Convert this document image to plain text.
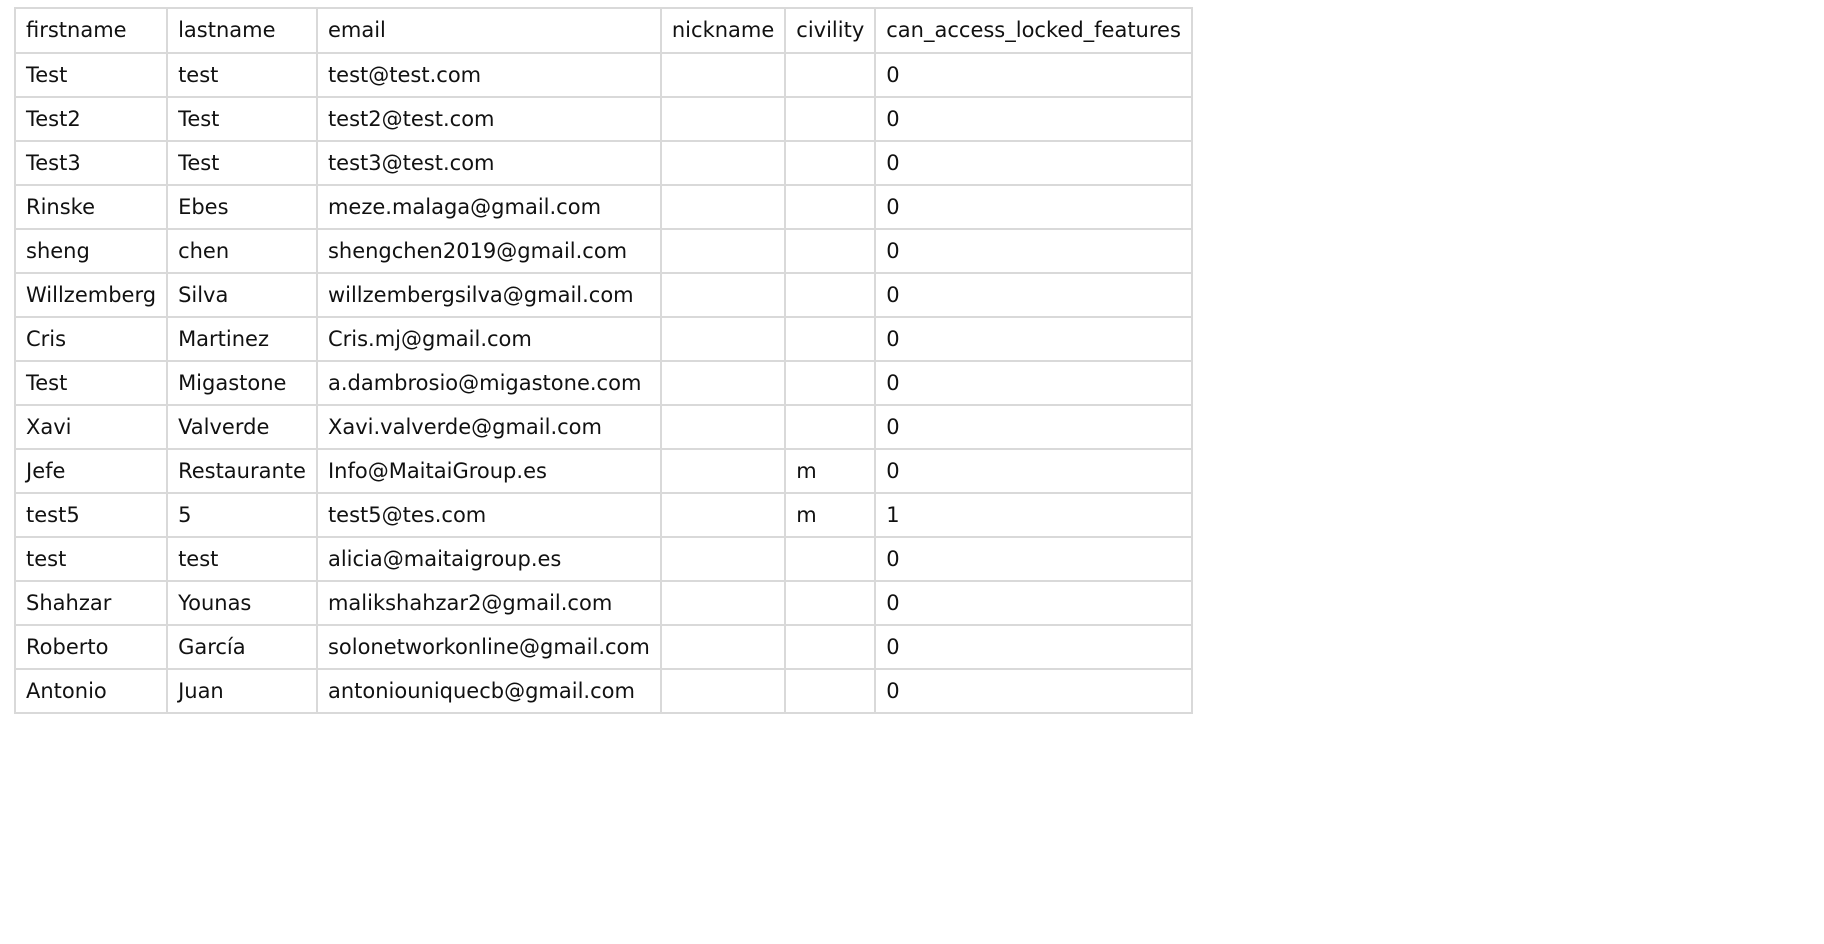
firstname	lastname	email	nickname	civility	can_access_locked_features
Test	test	test@test.com			0
Test2	Test	test2@test.com			0
Test3	Test	test3@test.com			0
Rinske	Ebes	meze.malaga@gmail.com			0
sheng	chen	shengchen2019@gmail.com			0
Willzemberg	Silva	willzembergsilva@gmail.com			0
Cris	Martinez	Cris.mj@gmail.com			0
Test	Migastone	a.dambrosio@migastone.com			0
Xavi	Valverde	Xavi.valverde@gmail.com			0
Jefe	Restaurante	Info@MaitaiGroup.es		m	0
test5	5	test5@tes.com		m	1
test	test	alicia@maitaigroup.es			0
Shahzar	Younas	malikshahzar2@gmail.com			0
Roberto	García	solonetworkonline@gmail.com			0
Antonio	Juan	antoniouniquecb@gmail.com			0
